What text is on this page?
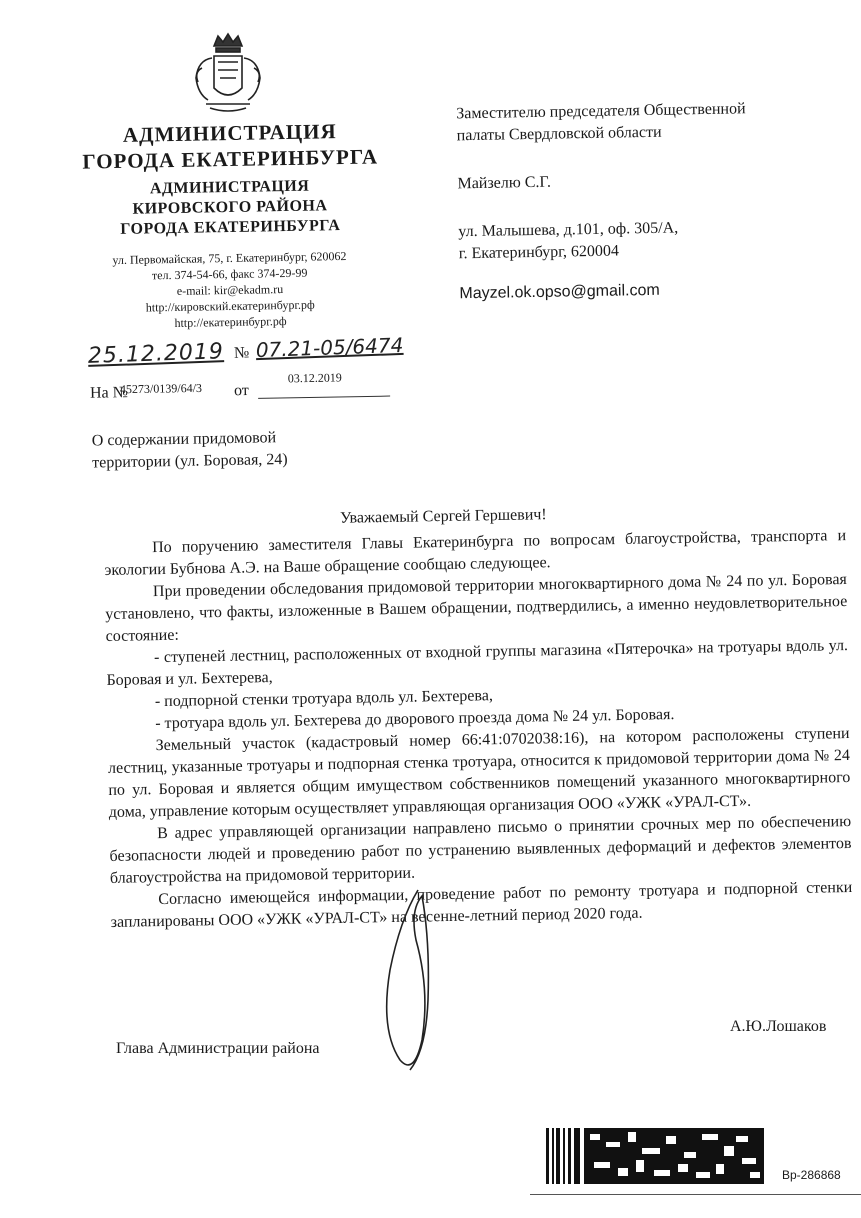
АДМИНИСТРАЦИЯ
ГОРОДА ЕКАТЕРИНБУРГА
АДМИНИСТРАЦИЯ
КИРОВСКОГО РАЙОНА
ГОРОДА ЕКАТЕРИНБУРГА
ул. Первомайская, 75, г. Екатеринбург, 620062
тел. 374-54-66, факс 374-29-99
e-mail: kir@ekadm.ru
http://кировский.екатеринбург.рф
http://екатеринбург.рф
Заместителю председателя Общественной
палаты Свердловской области
Майзелю С.Г.
ул. Малышева, д.101, оф. 305/А,
г. Екатеринбург, 620004
Mayzel.ok.opso@gmail.com
25.12.2019 № 07.21-05/6474
На №
45273/0139/64/3 от
03.12.2019
О содержании придомовой
территории (ул. Боровая, 24)
Уважаемый Сергей Гершевич!

По поручению заместителя Главы Екатеринбурга по вопросам благоустройства, транспорта и экологии Бубнова А.Э. на Ваше обращение сообщаю следующее.

При проведении обследования придомовой территории многоквартирного дома № 24 по ул. Боровая установлено, что факты, изложенные в Вашем обращении, подтвердились, а именно неудовлетворительное состояние:

- ступеней лестниц, расположенных от входной группы магазина «Пятерочка» на тротуары вдоль ул. Боровая и ул. Бехтерева,

- подпорной стенки тротуара вдоль ул. Бехтерева,

- тротуара вдоль ул. Бехтерева до дворового проезда дома № 24 ул. Боровая.

Земельный участок (кадастровый номер 66:41:0702038:16), на котором расположены ступени лестниц, указанные тротуары и подпорная стенка тротуара, относится к придомовой территории дома № 24 по ул. Боровая и является общим имуществом собственников помещений указанного многоквартирного дома, управление которым осуществляет управляющая организация ООО «УЖК «УРАЛ-СТ».

В адрес управляющей организации направлено письмо о принятии срочных мер по обеспечению безопасности людей и проведению работ по устранению выявленных деформаций и дефектов элементов благоустройства на придомовой территории.

Согласно имеющейся информации, проведение работ по ремонту тротуара и подпорной стенки запланированы ООО «УЖК «УРАЛ-СТ» на весенне-летний период 2020 года.

Глава Администрации района
А.Ю.Лошаков
Вр-286868
